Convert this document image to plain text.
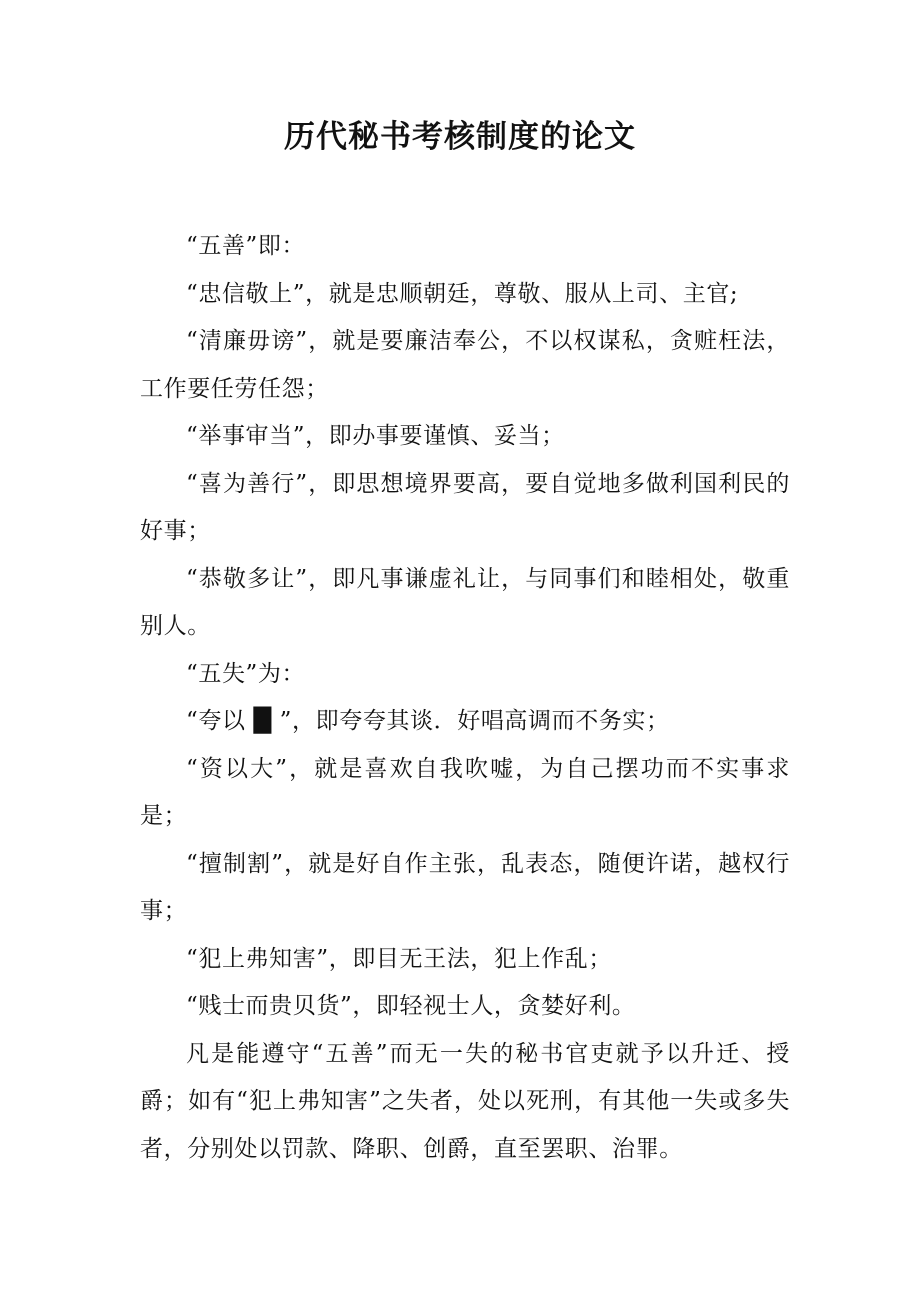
历代秘书考核制度的论文

“五善”即：

“忠信敬上”，就是忠顺朝廷，尊敬、服从上司、主官;

“清廉毋谤”，就是要廉洁奉公，不以权谋私，贪赃枉法，工作要任劳任怨；

“举事审当”，即办事要谨慎、妥当；

“喜为善行”，即思想境界要高，要自觉地多做利国利民的好事；

“恭敬多让”，即凡事谦虚礼让，与同事们和睦相处，敬重别人。

“五失”为：

“夸以 █ ”，即夸夸其谈．好唱高调而不务实；

“资以大”，就是喜欢自我吹嘘，为自己摆功而不实事求是；

“擅制割”，就是好自作主张，乱表态，随便许诺，越权行事；

“犯上弗知害”，即目无王法，犯上作乱；

“贱士而贵贝货”，即轻视士人，贪婪好利。

凡是能遵守“五善”而无一失的秘书官吏就予以升迁、授爵；如有“犯上弗知害”之失者，处以死刑，有其他一失或多失者，分别处以罚款、降职、创爵，直至罢职、治罪。
